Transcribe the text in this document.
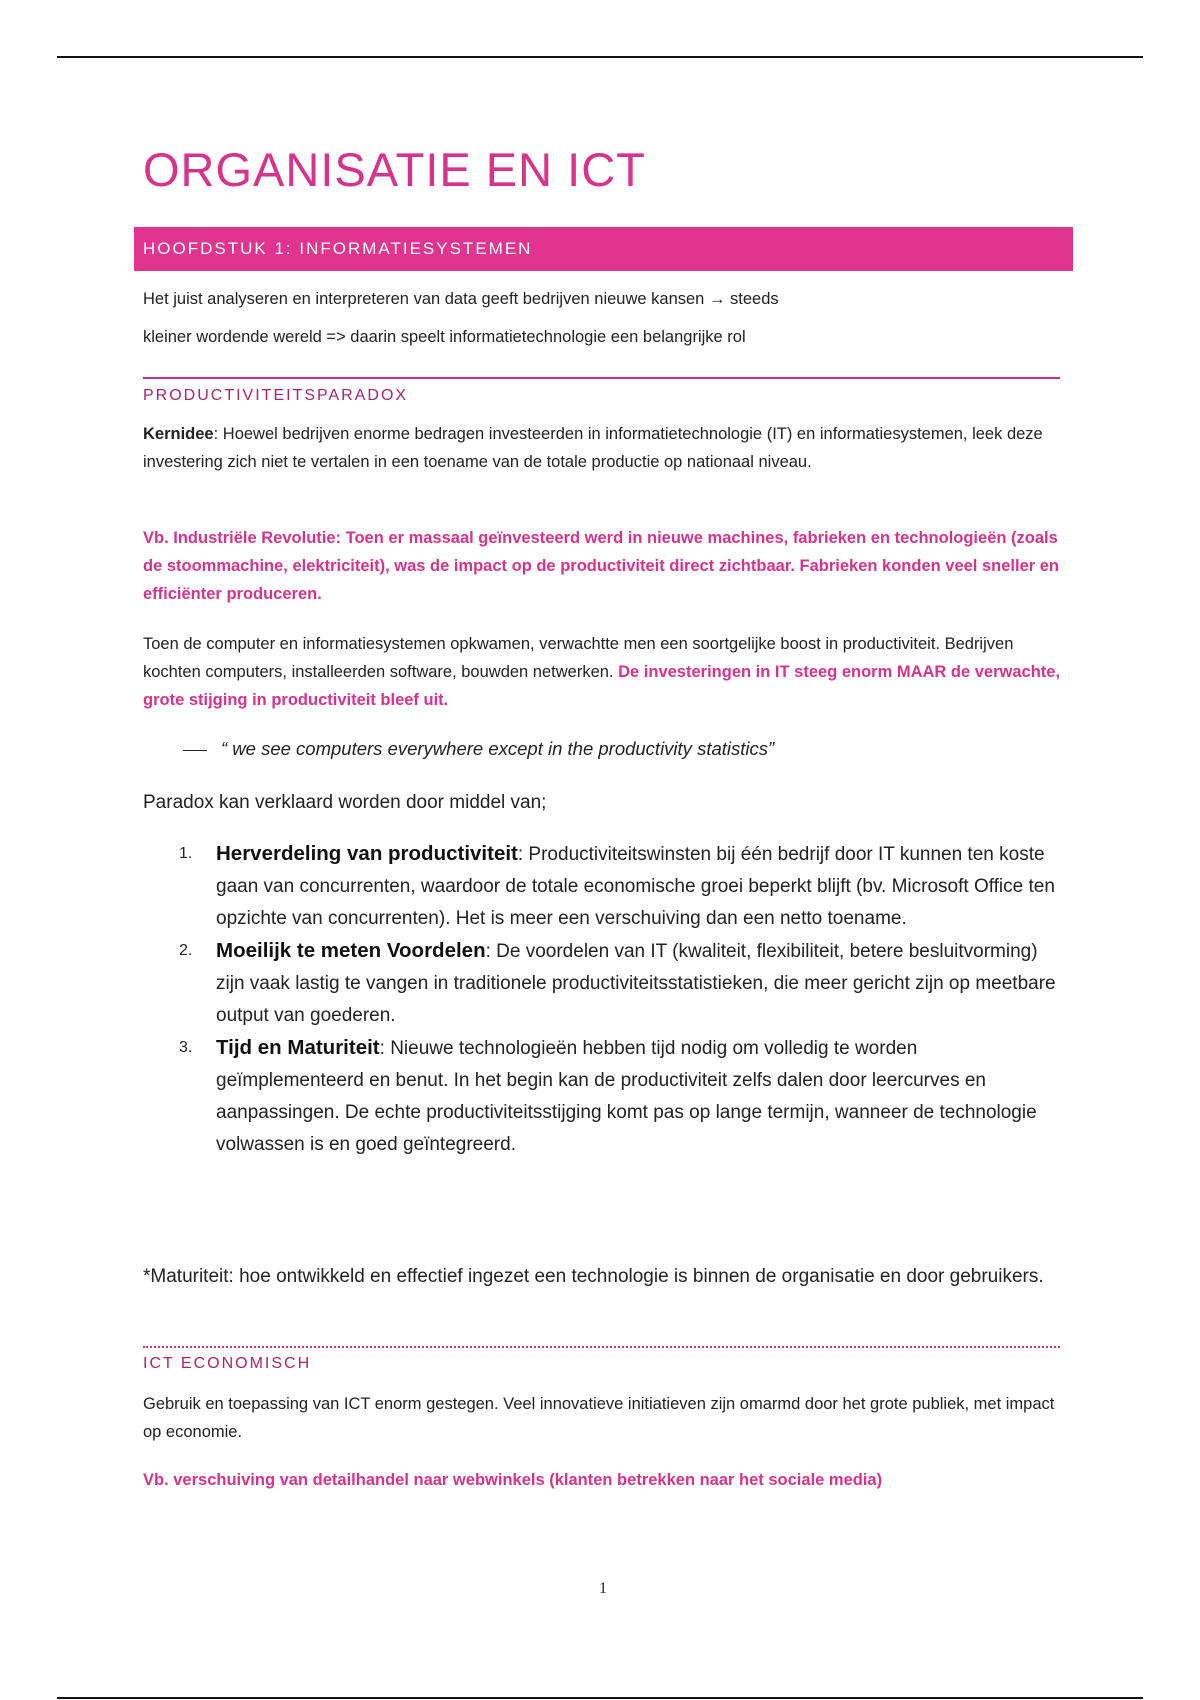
ORGANISATIE EN ICT
HOOFDSTUK 1: INFORMATIESYSTEMEN

Het juist analyseren en interpreteren van data geeft bedrijven nieuwe kansen → steeds

kleiner wordende wereld => daarin speelt informatietechnologie een belangrijke rol

PRODUCTIVITEITSPARADOX

Kernidee: Hoewel bedrijven enorme bedragen investeerden in informatietechnologie (IT) en informatiesystemen, leek deze investering zich niet te vertalen in een toename van de totale productie op nationaal niveau.

Vb. Industriële Revolutie: Toen er massaal geïnvesteerd werd in nieuwe machines, fabrieken en technologieën (zoals de stoommachine, elektriciteit), was de impact op de productiviteit direct zichtbaar. Fabrieken konden veel sneller en efficiënter produceren.

Toen de computer en informatiesystemen opkwamen, verwachtte men een soortgelijke boost in productiviteit. Bedrijven kochten computers, installeerden software, bouwden netwerken. De investeringen in IT steeg enorm MAAR de verwachte, grote stijging in productiviteit bleef uit.

“ we see computers everywhere except in the productivity statistics”

Paradox kan verklaard worden door middel van;

1. Herverdeling van productiviteit: Productiviteitswinsten bij één bedrijf door IT kunnen ten koste gaan van concurrenten, waardoor de totale economische groei beperkt blijft (bv. Microsoft Office ten opzichte van concurrenten). Het is meer een verschuiving dan een netto toename.
2. Moeilijk te meten Voordelen: De voordelen van IT (kwaliteit, flexibiliteit, betere besluitvorming) zijn vaak lastig te vangen in traditionele productiviteitsstatistieken, die meer gericht zijn op meetbare output van goederen.
3. Tijd en Maturiteit: Nieuwe technologieën hebben tijd nodig om volledig te worden geïmplementeerd en benut. In het begin kan de productiviteit zelfs dalen door leercurves en aanpassingen. De echte productiviteitsstijging komt pas op lange termijn, wanneer de technologie volwassen is en goed geïntegreerd.

*Maturiteit: hoe ontwikkeld en effectief ingezet een technologie is binnen de organisatie en door gebruikers.

ICT ECONOMISCH

Gebruik en toepassing van ICT enorm gestegen. Veel innovatieve initiatieven zijn omarmd door het grote publiek, met impact op economie.

Vb. verschuiving van detailhandel naar webwinkels (klanten betrekken naar het sociale media)

1
